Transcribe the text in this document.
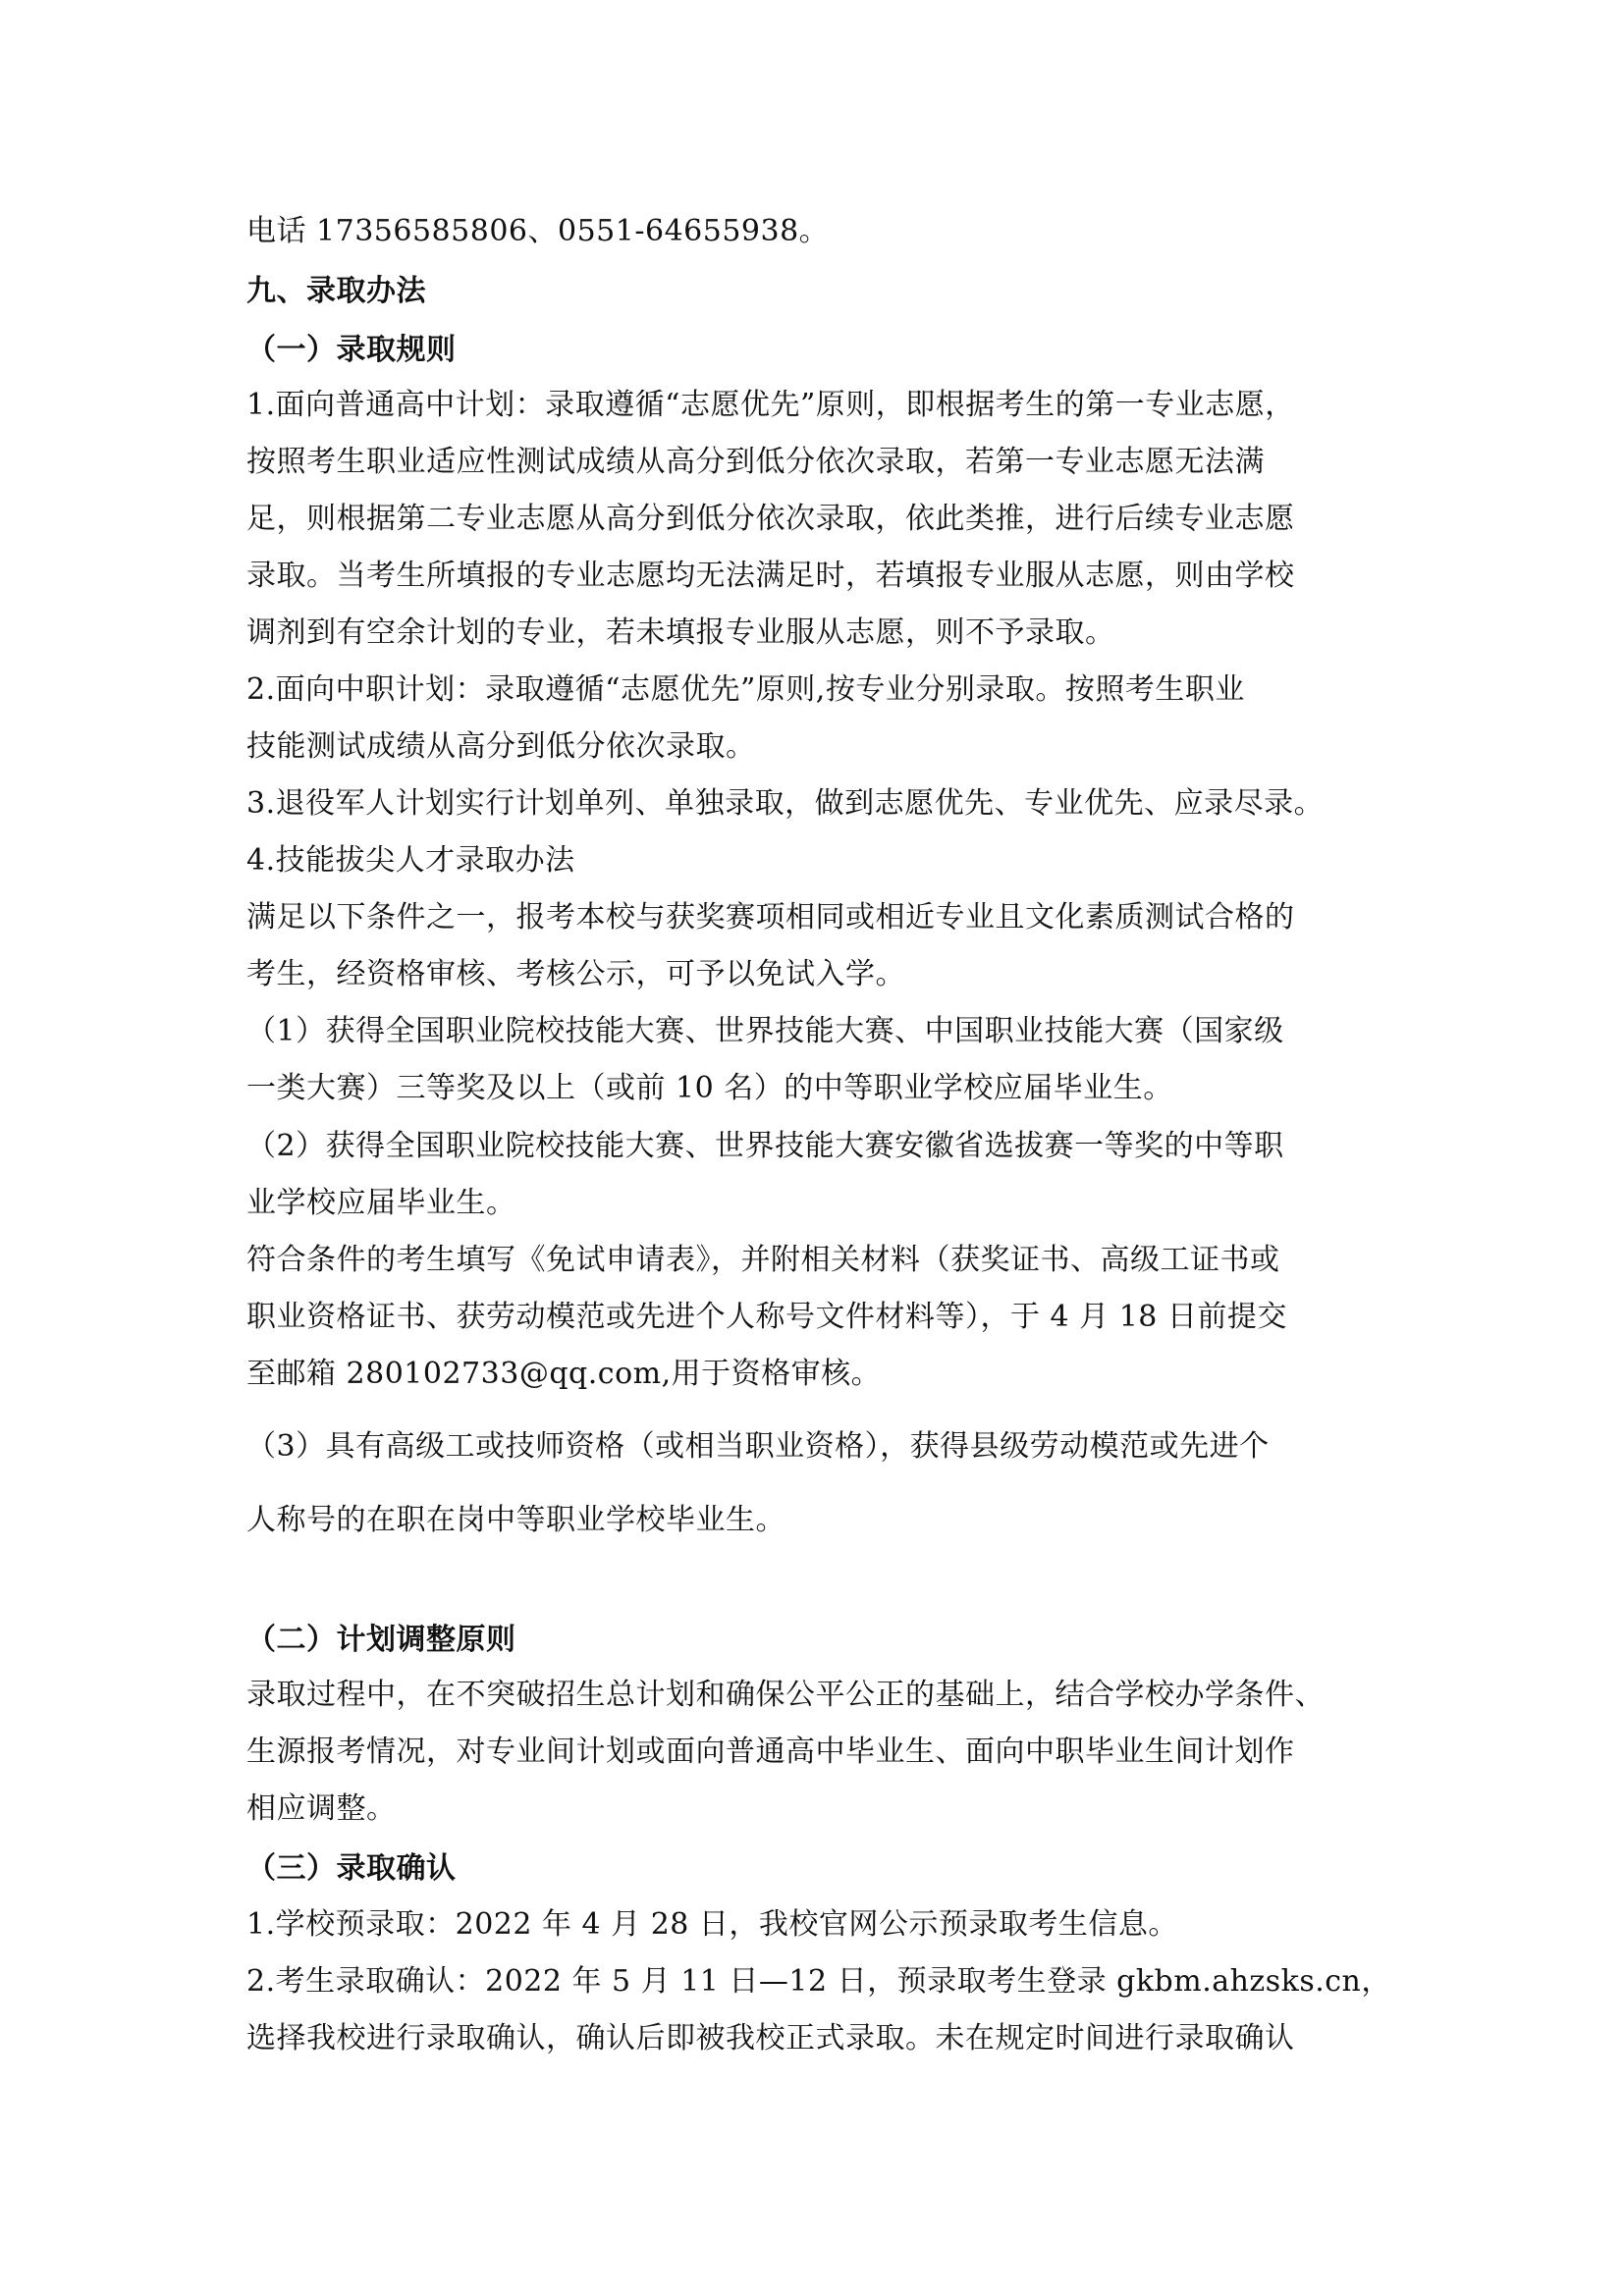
电话 17356585806、0551-64655938。
九、录取办法
（一）录取规则
1.面向普通高中计划：录取遵循“志愿优先”原则，即根据考生的第一专业志愿，
按照考生职业适应性测试成绩从高分到低分依次录取，若第一专业志愿无法满
足，则根据第二专业志愿从高分到低分依次录取，依此类推，进行后续专业志愿
录取。当考生所填报的专业志愿均无法满足时，若填报专业服从志愿，则由学校
调剂到有空余计划的专业，若未填报专业服从志愿，则不予录取。
2.面向中职计划：录取遵循“志愿优先”原则,按专业分别录取。按照考生职业
技能测试成绩从高分到低分依次录取。
3.退役军人计划实行计划单列、单独录取，做到志愿优先、专业优先、应录尽录。
4.技能拔尖人才录取办法
满足以下条件之一，报考本校与获奖赛项相同或相近专业且文化素质测试合格的
考生，经资格审核、考核公示，可予以免试入学。
（1）获得全国职业院校技能大赛、世界技能大赛、中国职业技能大赛（国家级
一类大赛）三等奖及以上（或前 10 名）的中等职业学校应届毕业生。
（2）获得全国职业院校技能大赛、世界技能大赛安徽省选拔赛一等奖的中等职
业学校应届毕业生。
符合条件的考生填写《免试申请表》，并附相关材料（获奖证书、高级工证书或
职业资格证书、获劳动模范或先进个人称号文件材料等），于 4 月 18 日前提交
至邮箱 280102733@qq.com,用于资格审核。
（3）具有高级工或技师资格（或相当职业资格），获得县级劳动模范或先进个
人称号的在职在岗中等职业学校毕业生。
（二）计划调整原则
录取过程中，在不突破招生总计划和确保公平公正的基础上，结合学校办学条件、
生源报考情况，对专业间计划或面向普通高中毕业生、面向中职毕业生间计划作
相应调整。
（三）录取确认
1.学校预录取：2022 年 4 月 28 日，我校官网公示预录取考生信息。
2.考生录取确认：2022 年 5 月 11 日—12 日，预录取考生登录 gkbm.ahzsks.cn，
选择我校进行录取确认，确认后即被我校正式录取。未在规定时间进行录取确认
